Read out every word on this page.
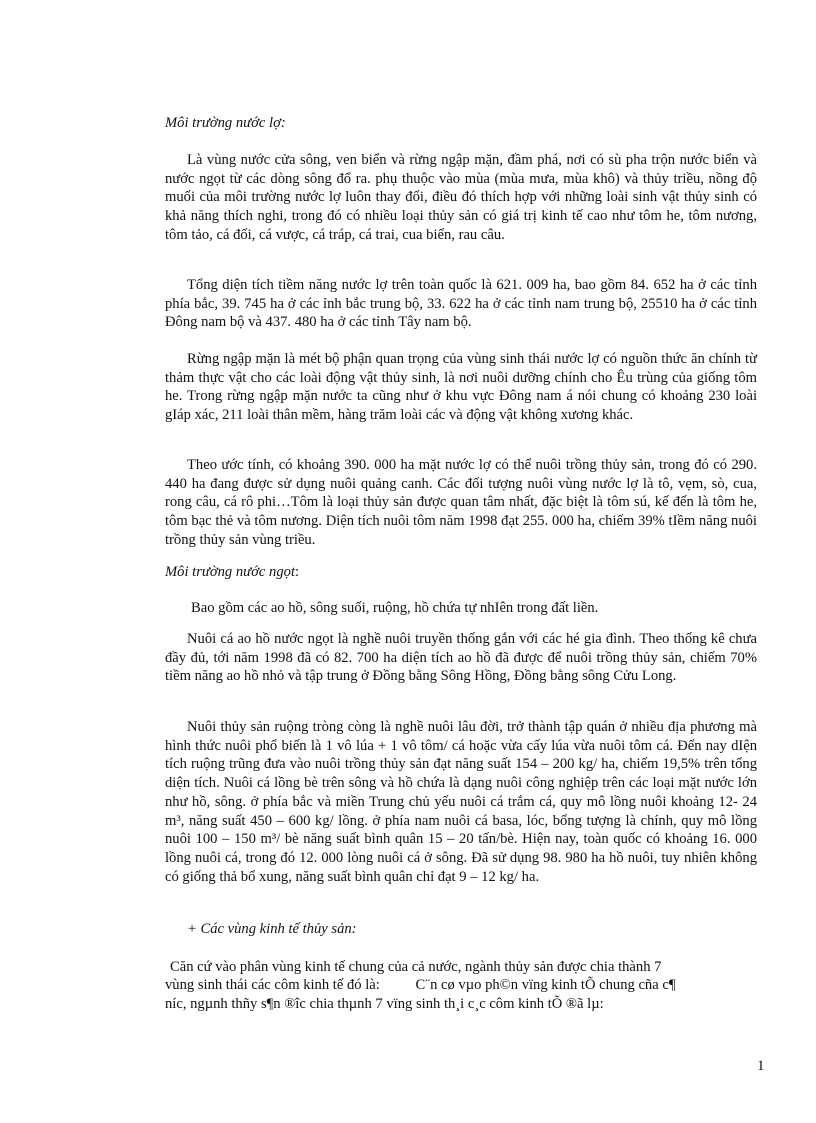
Môi trường nước lợ:
Là vùng nước cửa sông, ven biển và rừng ngập mặn, đầm phá, nơi có sù pha trộn nước biển và nước ngọt từ các dòng sông đổ ra. phụ thuộc vào mùa (mùa mưa, mùa khô) và thủy triều, nồng độ muối của môi trường nước lợ luôn thay đổi, điều đó thích hợp với những loài sinh vật thủy sinh có khả năng thích nghi, trong đó có nhiều loại thủy sản có giá trị kinh tế cao như tôm he, tôm nương, tôm tảo, cá đối, cá vược, cá tráp, cá trai, cua biển, rau câu.
Tổng diện tích tiềm năng nước lợ trên toàn quốc là 621. 009 ha, bao gồm 84. 652 ha ở các tỉnh phía bắc, 39. 745 ha ở các ỉnh bắc trung bộ, 33. 622 ha ở các tỉnh nam trung bộ, 25510 ha ở các tỉnh Đông nam bộ và 437. 480 ha ở các tỉnh Tây nam bộ.
Rừng ngập mặn là mét bộ phận quan trọng của vùng sinh thái nước lợ có nguồn thức ăn chính từ thảm thực vật cho các loài động vật thủy sinh, là nơi nuôi dưỡng chính cho Êu trùng của giống tôm he. Trong rừng ngập mặn nước ta cũng như ở khu vực Đông nam á nói chung có khoảng 230 loài gIáp xác, 211 loài thân mềm, hàng trăm loài các và động vật không xương khác.
Theo ước tính, có khoảng 390. 000 ha mặt nước lợ có thể nuôi trồng thủy sản, trong đó có 290. 440 ha đang được sử dụng nuôi quảng canh. Các đối tượng nuôi vùng nước lợ là tô, vẹm, sò, cua, rong câu, cá rô phi…Tôm là loại thủy sản được quan tâm nhất, đặc biệt là tôm sú, kế đến là tôm he, tôm bạc thẻ và tôm nương. Diện tích nuôi tôm năm 1998 đạt 255. 000 ha, chiếm 39% tIềm năng nuôi trồng thủy sản vùng triều.
Môi trường nước ngọt:
Bao gồm các ao hồ, sông suối, ruộng, hồ chứa tự nhIên trong đất liền.
Nuôi cá ao hồ nước ngọt là nghề nuôi truyền thống gắn với các hé gia đình. Theo thống kê chưa đầy đủ, tới năm 1998 đã có 82. 700 ha diện tích ao hồ đã được để nuôi trồng thủy sản, chiếm 70% tiềm năng ao hồ nhỏ và tập trung ở Đồng bằng Sông Hồng, Đồng bằng sông Cửu Long.
Nuôi thủy sản ruộng tròng còng là nghề nuôi lâu đời, trở thành tập quán ở nhiều địa phương mà hình thức nuôi phổ biến là 1 vô lúa + 1 vô tôm/ cá hoặc vừa cấy lúa vừa nuôi tôm cá. Đến nay dIện tích ruộng trũng đưa vào nuôi trồng thủy sản đạt năng suất 154 – 200 kg/ ha, chiếm 19,5% trên tổng diện tích. Nuôi cá lồng bè trên sông và hồ chứa là dạng nuôi công nghiệp trên các loại mặt nước lớn như hồ, sông. ở phía bắc và miền Trung chủ yếu nuôi cá trắm cá, quy mô lồng nuôi khoảng 12- 24 m³, năng suất 450 – 600 kg/ lồng. ở phía nam nuôi cá basa, lóc, bống tượng là chính, quy mô lồng nuôi 100 – 150 m³/ bè năng suất bình quân 15 – 20 tấn/bè. Hiện nay, toàn quốc có khoảng 16. 000 lồng nuôi cá, trong đó 12. 000 lòng nuôi cá ở sông. Đã sử dụng 98. 980 ha hồ nuôi, tuy nhiên không có giống thả bổ xung, năng suất bình quân chỉ đạt 9 – 12 kg/ ha.
+ Các vùng kinh tế thủy sản:
Căn cứ vào phân vùng kinh tế chung của cả nước, ngành thủy sản được chia thành 7
vùng sinh thái các côm kinh tế đó là: C¨n cø vµo ph©n vïng kinh tÕ chung cña c¶
níc, ngµnh thñy s¶n ®îc chia thµnh 7 vïng sinh th¸i c¸c côm kinh tÕ ®ã lµ:
1
